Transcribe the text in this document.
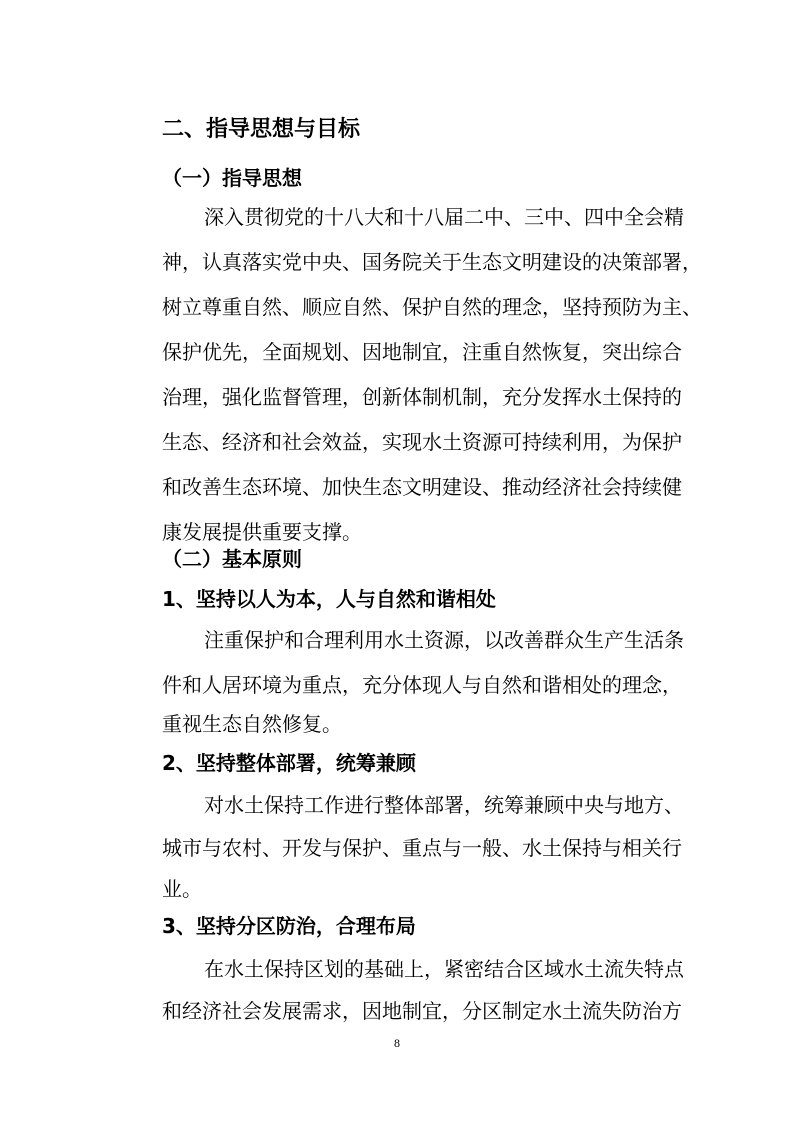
二、指导思想与目标
（一）指导思想
深入贯彻党的十八大和十八届二中、三中、四中全会精
神，认真落实党中央、国务院关于生态文明建设的决策部署，
树立尊重自然、顺应自然、保护自然的理念，坚持预防为主、
保护优先，全面规划、因地制宜，注重自然恢复，突出综合
治理，强化监督管理，创新体制机制，充分发挥水土保持的
生态、经济和社会效益，实现水土资源可持续利用，为保护
和改善生态环境、加快生态文明建设、推动经济社会持续健
康发展提供重要支撑。
（二）基本原则
1、坚持以人为本，人与自然和谐相处
注重保护和合理利用水土资源，以改善群众生产生活条
件和人居环境为重点，充分体现人与自然和谐相处的理念，
重视生态自然修复。
2、坚持整体部署，统筹兼顾
对水土保持工作进行整体部署，统筹兼顾中央与地方、
城市与农村、开发与保护、重点与一般、水土保持与相关行
业。
3、坚持分区防治，合理布局
在水土保持区划的基础上，紧密结合区域水土流失特点
和经济社会发展需求，因地制宜，分区制定水土流失防治方
8
